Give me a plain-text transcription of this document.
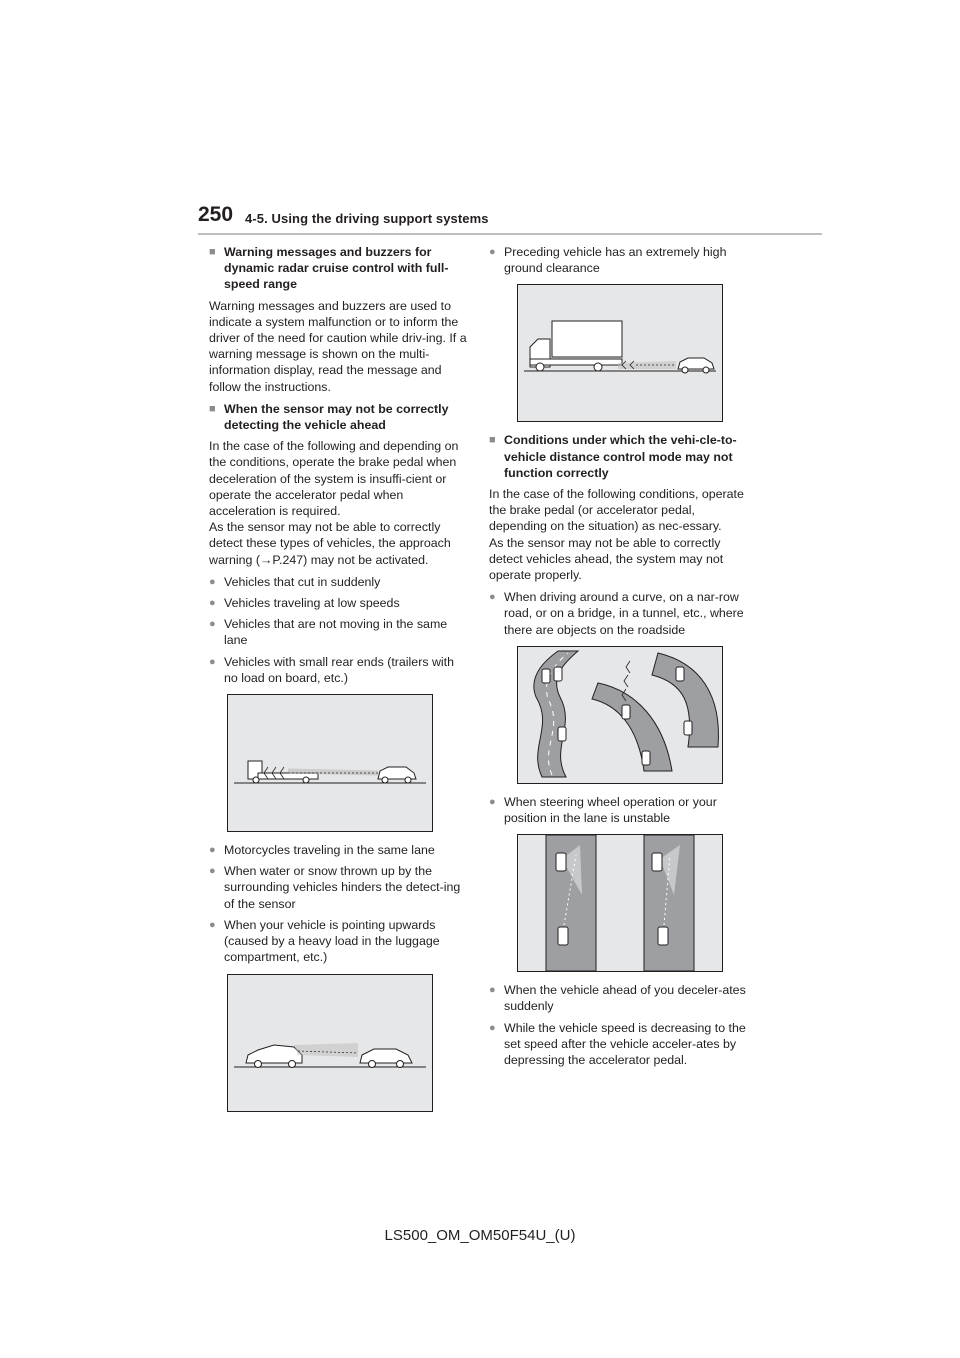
250 4-5. Using the driving support systems
■ Warning messages and buzzers for dynamic radar cruise control with full-speed range
Warning messages and buzzers are used to indicate a system malfunction or to inform the driver of the need for caution while driv-ing. If a warning message is shown on the multi-information display, read the message and follow the instructions.
■ When the sensor may not be correctly detecting the vehicle ahead
In the case of the following and depending on the conditions, operate the brake pedal when deceleration of the system is insuffi-cient or operate the accelerator pedal when acceleration is required.
As the sensor may not be able to correctly detect these types of vehicles, the approach warning (→P.247) may not be activated.
● Vehicles that cut in suddenly
● Vehicles traveling at low speeds
● Vehicles that are not moving in the same lane
● Vehicles with small rear ends (trailers with no load on board, etc.)
● Motorcycles traveling in the same lane
● When water or snow thrown up by the surrounding vehicles hinders the detect-ing of the sensor
● When your vehicle is pointing upwards (caused by a heavy load in the luggage compartment, etc.)
● Preceding vehicle has an extremely high ground clearance
■ Conditions under which the vehi-cle-to-vehicle distance control mode may not function correctly
In the case of the following conditions, operate the brake pedal (or accelerator pedal, depending on the situation) as nec-essary.
As the sensor may not be able to correctly detect vehicles ahead, the system may not operate properly.
● When driving around a curve, on a nar-row road, or on a bridge, in a tunnel, etc., where there are objects on the roadside
● When steering wheel operation or your position in the lane is unstable
● When the vehicle ahead of you deceler-ates suddenly
● While the vehicle speed is decreasing to the set speed after the vehicle acceler-ates by depressing the accelerator pedal.
LS500_OM_OM50F54U_(U)
